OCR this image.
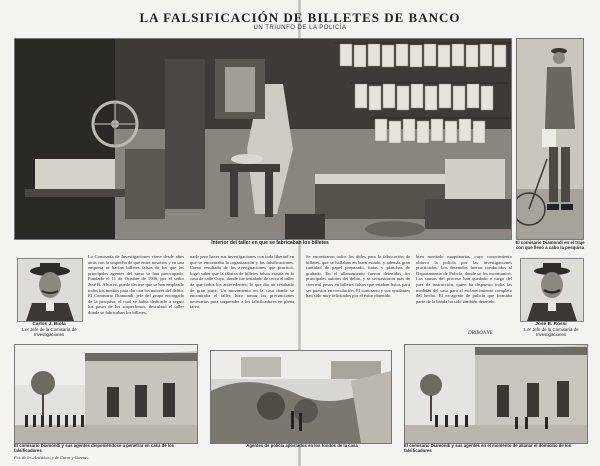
LA FALSIFICACIÓN DE BILLETES DE BANCO
UN TRIUNFO DE LA POLICÍA
Interior del taller en que se fabricaban los billetes	El comisario Diamondi en el traje con que llevó a cabo la pesquisa
Carlos J. Biola
1.er Jefe de la Comisaría de Investigaciones
La Comisaría de Investigaciones viene desde años atrás con la sospecha de que entre nosotros y en una empresa se hacían billetes falsos de los que los principales agentes del ramo se han preocupado. Fundado el 11 de Octubre de 1906, por el señor José B. Alvarez, puede decirse que se han empleado todos los medios para dar con los autores del delito. El Comisario Diamondi, jefe del grupo encargado de la pesquisa, el cual se había dedicado a seguir los pasos de los sospechosos, descubrió el taller donde se fabricaban los billetes.
nado para hacer sus investigaciones con toda libertad en que se encontraba la organización y las falsificaciones. Como resultado de las averiguaciones que practicó, logró saber que la fábrica de billetes falsos existía en la casa de calle Cuyo, donde fue instalado de cerca el taller de que todos los antecedentes, lo que dio un resultado de gran parte. Un movimiento en la casa donde se encontraba el taller, hizo tomar las precauciones necesarias para sorprender a los falsificadores en plena tarea.
Se encontraron todos los útiles para la fabricación de billetes, que se hallaban en buen estado, y además gran cantidad de papel preparado, tintas y planchas de grabado. En el allanamiento fueron detenidos los principales autores del delito, y se secuestraron más de cien mil pesos en billetes falsos que estaban listos para ser puestos en circulación. El comisario y sus ayudantes han sido muy felicitados por el éxito obtenido.
bien montado maquinarias, cuyo conocimiento obtuvo la policía por las investigaciones practicadas. Los detenidos fueron conducidos al Departamento de Policía, donde se les incomunicó. Las causas del proceso han quedado a cargo del juez de instrucción, quien ha dispuesto todas las medidas del caso para el esclarecimiento completo del hecho. El ex-agente de policía que formaba parte de la banda ha sido también detenido.
DRIBONNE
José B. Rossi
1.er Jefe de la Comisaría de Investigaciones
El comisario Diamondi y sus agentes disponiéndose a penetrar en casa de los falsificadores
Agentes de policía apostados en los fondos de la casa	El comisario Diamondi y sus agentes en el momento de allanar el domicilio de los falsificadores
Fot. de la «Artística» y de Caras y Caretas.
